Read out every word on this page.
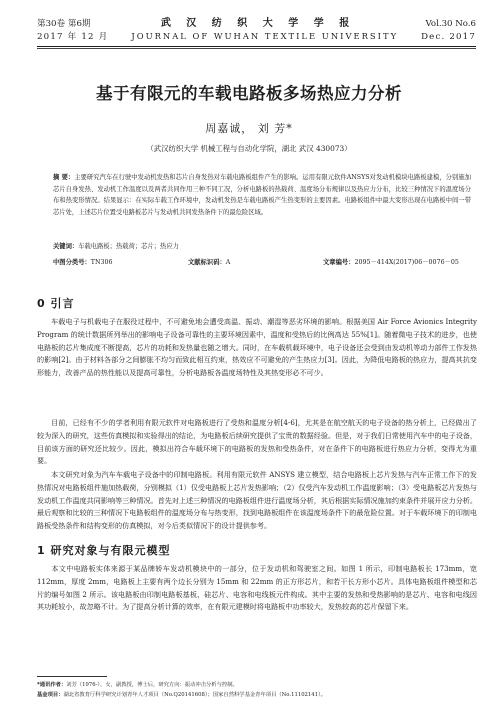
第30卷 第6期	武 汉 纺 织 大 学 学 报	Vol.30 No.6
2017 年 12 月	JOURNAL OF WUHAN TEXTILE UNIVERSITY	Dec. 2017
基于有限元的车载电路板多场热应力分析
周嘉诚， 刘 芳*
（武汉纺织大学 机械工程与自动化学院，湖北 武汉 430073）
摘 要：主要研究汽车在行驶中发动机发热和芯片自身发热对车载电路板组件产生的影响。运用有限元软件ANSYS对发动机模块电路板建模，分别施加芯片自身发热、发动机工作温度以及两者共同作用三种不同工况，分析电路板的热载荷、温度场分布规律以及热应力分布，比较三种情况下的温度场分布和热变形情况。结果显示：在实际车载工作环境中，发动机发热是车载电路板产生热变形的主要因素。电路板组件中最大变形出现在电路板中间一带芯片处，上述芯片位置受电路板芯片与发动机共同发热条件下的最危险区域。
关键词：车载电路板；热载荷；芯片；热应力
中图分类号：TN306	文献标识码：A	文章编号：2095－414X(2017)06－0076－05
0 引言

车载电子与机载电子在服役过程中，不可避免地会遭受高温、振动、潮湿等恶劣环境的影响。根据美国 Air Force Avionics Integrity Program 的统计数据所列举出的影响电子设备可靠性的主要环境因素中，温度和受热后的比例高达 55%[1]。随着微电子技术的进步，也使电路板的芯片集成度不断提高，芯片的功耗和发热量也随之增大。同时，在车载机载环境中，电子设备还会受到由发动机等动力部件工作发热的影响[2]。由于材料各部分之间膨胀不均匀而致此相互约束，热效应不可避免的产生热应力[3]。因此，为降低电路板的热应力，提高其抗变形能力，改善产品的热性能以及提高可靠性，分析电路板各温度场特性及其热变形必不可少。

目前，已经有不少的学者利用有限元软件对电路板进行了受热和温度分析[4-6]，尤其是在航空航天的电子设备的热分析上，已经做出了较为深入的研究，这些仿真模拟和实验得出的结论，为电路板后续研究提供了宝贵的数据经验。但是，对于我们日常使用汽车中的电子设备，目前该方面的研究还比较少。因此，模拟出符合车载环境下的电路板的发热和受热条件，对在条件下的电路板进行热应力分析，变得尤为重要。

本文研究对象为汽车车载电子设备中的印制电路板。利用有限元软件 ANSYS 建立模型，结合电路板上芯片发热与汽车正常工作下的发热情况对电路板组件施加热载荷，分别模拟（1）仅受电路板上芯片发热影响；（2）仅受汽车发动机工作温度影响；（3）受电路板芯片发热与发动机工作温度共同影响等三种情况。首先对上述三种情况的电路板组件进行温度场分析，其后根据实际情况施加约束条件并展开应力分析。最后观察和比较的三种情况下电路板组件的温度场分布与热变形，找到电路板组件在该温度场条件下的最危险位置。对于车载环境下的印制电路板受热条件和结构变形的仿真模拟，对今后类似情况下的设计提供参考。

1 研究对象与有限元模型

本文中电路板实体来源于某品牌轿车发动机模块中的一部分，位于发动机和驾驶室之间。如图 1 所示，印制电路板长 173mm，宽 112mm，厚度 2mm，电路板上主要有两个边长分别为 15mm 和 22mm 的正方形芯片，和若干长方形小芯片。具体电路板组件模型和芯片的编号如图 2 所示。该电路板由印制电路板基板、硅芯片、电容和电线板元件构成。其中主要的发热和受热影响的是芯片、电容和电线因其功耗较小，故忽略不计。为了提高分析计算的效率，在有限元建模时将电路板中功率较大，发热较高的芯片保留下来。

*通讯作者：刘芳（1976-），女，副教授，博士后，研究方向：振动冲击分析与控制。
基金项目：湖北省教育厅科学研究计划青年人才项目（No.Q20141608）；国家自然科学基金青年项目（No.11102141）。
